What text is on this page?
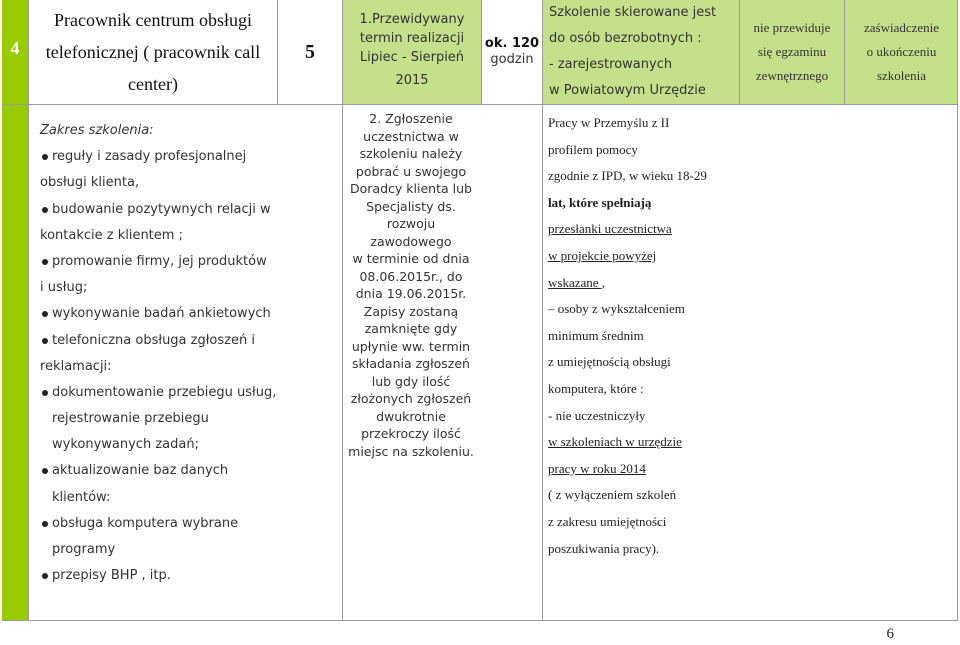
4
Pracownik centrum obsługi
telefonicznej ( pracownik call
center)
5
1.Przewidywany
termin realizacji
Lipiec - Sierpień
2015
ok. 120
godzin
Szkolenie skierowane jest
do osób bezrobotnych :
- zarejestrowanych
w Powiatowym Urzędzie
nie przewiduje
się egzaminu
zewnętrznego
zaświadczenie
o ukończeniu
szkolenia
Zakres szkolenia:
reguły i zasady profesjonalnej
obsługi klienta,
budowanie pozytywnych relacji w
kontakcie z klientem ;
promowanie firmy, jej produktów
i usług;
wykonywanie badań ankietowych
telefoniczna obsługa zgłoszeń i
reklamacji:
dokumentowanie przebiegu usług,
rejestrowanie przebiegu
wykonywanych zadań;
aktualizowanie baz danych
klientów:
obsługa komputera wybrane
programy
przepisy BHP , itp.
2. Zgłoszenie
uczestnictwa w
szkoleniu należy
pobrać u swojego
Doradcy klienta lub
Specjalisty ds.
rozwoju
zawodowego
w terminie od dnia
08.06.2015r., do
dnia 19.06.2015r.
Zapisy zostaną
zamknięte gdy
upłynie ww. termin
składania zgłoszeń
lub gdy ilość
złożonych zgłoszeń
dwukrotnie
przekroczy ilość
miejsc na szkoleniu.
Pracy w Przemyślu z II
profilem pomocy
zgodnie z IPD, w wieku 18-29
lat, które spełniają
przesłanki uczestnictwa
w projekcie powyżej
wskazane ,
– osoby z wykształceniem
minimum średnim
z umiejętnością obsługi
komputera, które :
- nie uczestniczyły
w szkoleniach w urzędzie
pracy w roku 2014
( z wyłączeniem szkoleń
z zakresu umiejętności
poszukiwania pracy).
6
